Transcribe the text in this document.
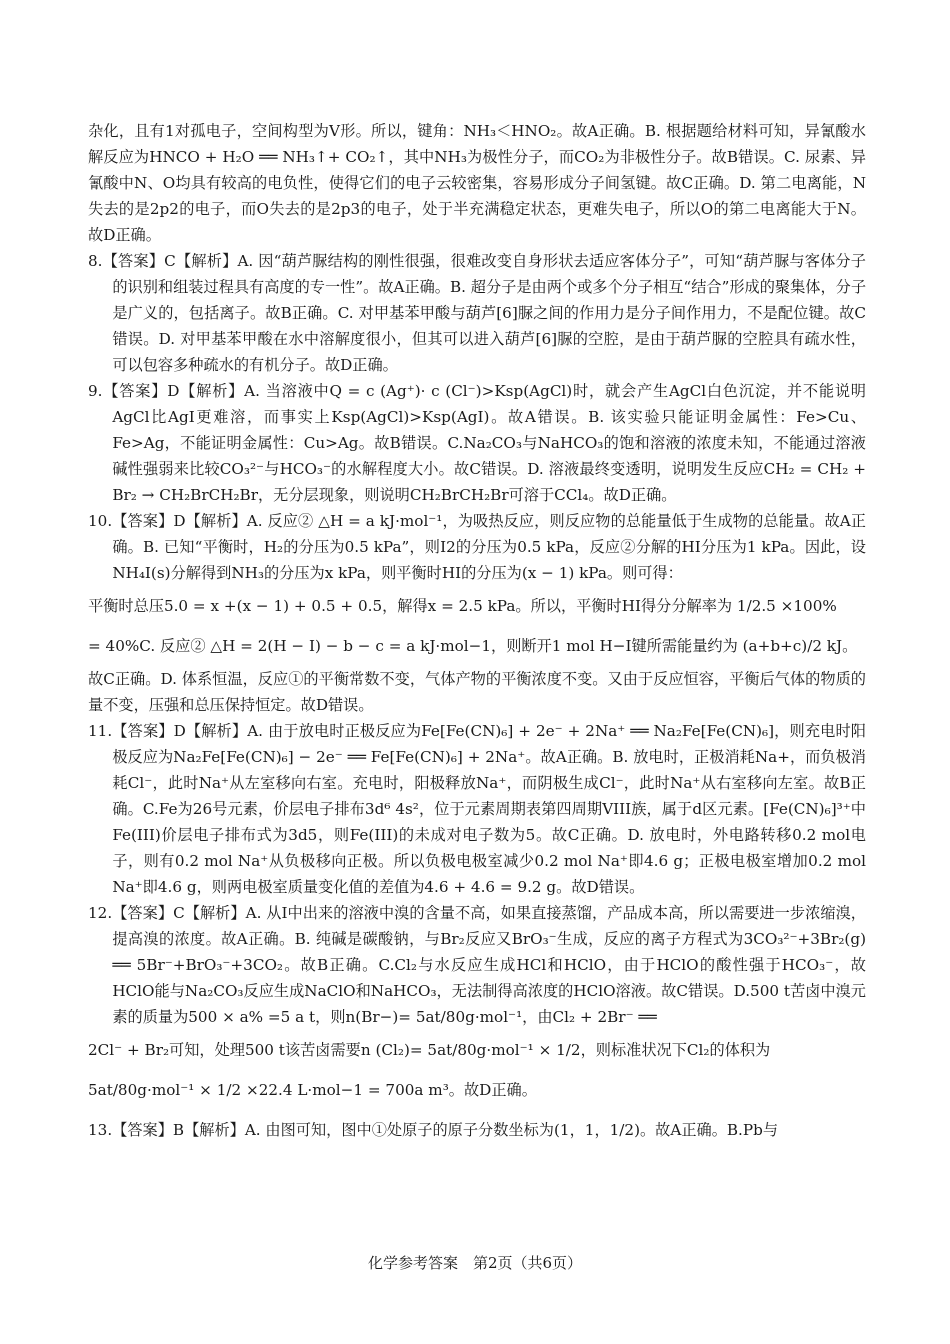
杂化，且有1对孤电子，空间构型为V形。所以，键角：NH₃＜HNO₂。故A正确。B. 根据题给材料可知，异氰酸水解反应为HNCO + H₂O ══ NH₃↑+ CO₂↑，其中NH₃为极性分子，而CO₂为非极性分子。故B错误。C. 尿素、异氰酸中N、O均具有较高的电负性，使得它们的电子云较密集，容易形成分子间氢键。故C正确。D. 第二电离能，N失去的是2p2的电子，而O失去的是2p3的电子，处于半充满稳定状态，更难失电子，所以O的第二电离能大于N。故D正确。

8.【答案】C【解析】A. 因“葫芦脲结构的刚性很强，很难改变自身形状去适应客体分子”，可知“葫芦脲与客体分子的识别和组装过程具有高度的专一性”。故A正确。B. 超分子是由两个或多个分子相互“结合”形成的聚集体，分子是广义的，包括离子。故B正确。C. 对甲基苯甲酸与葫芦[6]脲之间的作用力是分子间作用力，不是配位键。故C错误。D. 对甲基苯甲酸在水中溶解度很小，但其可以进入葫芦[6]脲的空腔，是由于葫芦脲的空腔具有疏水性，可以包容多种疏水的有机分子。故D正确。

9.【答案】D【解析】A. 当溶液中Q = c (Ag⁺)· c (Cl⁻)>Ksp(AgCl)时，就会产生AgCl白色沉淀，并不能说明AgCl比AgI更难溶，而事实上Ksp(AgCl)>Ksp(AgI)。故A错误。B. 该实验只能证明金属性：Fe>Cu、Fe>Ag，不能证明金属性：Cu>Ag。故B错误。C.Na₂CO₃与NaHCO₃的饱和溶液的浓度未知，不能通过溶液碱性强弱来比较CO₃²⁻与HCO₃⁻的水解程度大小。故C错误。D. 溶液最终变透明，说明发生反应CH₂ = CH₂ + Br₂ → CH₂BrCH₂Br，无分层现象，则说明CH₂BrCH₂Br可溶于CCl₄。故D正确。

10.【答案】D【解析】A. 反应② △H = a kJ·mol⁻¹，为吸热反应，则反应物的总能量低于生成物的总能量。故A正确。B. 已知“平衡时，H₂的分压为0.5 kPa”，则I2的分压为0.5 kPa，反应②分解的HI分压为1 kPa。因此，设NH₄I(s)分解得到NH₃的分压为x kPa，则平衡时HI的分压为(x − 1) kPa。则可得：

平衡时总压5.0 = x +(x − 1) + 0.5 + 0.5，解得x = 2.5 kPa。所以，平衡时HI得分分解率为 1/2.5 ×100%

= 40%C. 反应② △H = 2(H − I) − b − c = a kJ·mol−1，则断开1 mol H−I键所需能量约为 (a+b+c)/2 kJ。

故C正确。D. 体系恒温，反应①的平衡常数不变，气体产物的平衡浓度不变。又由于反应恒容，平衡后气体的物质的量不变，压强和总压保持恒定。故D错误。

11.【答案】D【解析】A. 由于放电时正极反应为Fe[Fe(CN)₆] + 2e⁻ + 2Na⁺ ══ Na₂Fe[Fe(CN)₆]，则充电时阳极反应为Na₂Fe[Fe(CN)₆] − 2e⁻ ══ Fe[Fe(CN)₆] + 2Na⁺。故A正确。B. 放电时，正极消耗Na+，而负极消耗Cl⁻，此时Na⁺从左室移向右室。充电时，阳极释放Na⁺，而阴极生成Cl⁻，此时Na⁺从右室移向左室。故B正确。C.Fe为26号元素，价层电子排布3d⁶ 4s²，位于元素周期表第四周期VIII族，属于d区元素。[Fe(CN)₆]³⁺中Fe(III)价层电子排布式为3d5，则Fe(III)的未成对电子数为5。故C正确。D. 放电时，外电路转移0.2 mol电子，则有0.2 mol Na⁺从负极移向正极。所以负极电极室减少0.2 mol Na⁺即4.6 g；正极电极室增加0.2 mol Na⁺即4.6 g，则两电极室质量变化值的差值为4.6 + 4.6 = 9.2 g。故D错误。

12.【答案】C【解析】A. 从I中出来的溶液中溴的含量不高，如果直接蒸馏，产品成本高，所以需要进一步浓缩溴，提高溴的浓度。故A正确。B. 纯碱是碳酸钠，与Br₂反应又BrO₃⁻生成，反应的离子方程式为3CO₃²⁻+3Br₂(g) ══ 5Br⁻+BrO₃⁻+3CO₂。故B正确。C.Cl₂与水反应生成HCl和HClO，由于HClO的酸性强于HCO₃⁻，故HClO能与Na₂CO₃反应生成NaClO和NaHCO₃，无法制得高浓度的HClO溶液。故C错误。D.500 t苦卤中溴元素的质量为500 × a% =5 a t，则n(Br−)= 5at/80g·mol⁻¹，由Cl₂ + 2Br⁻ ══

2Cl⁻ + Br₂可知，处理500 t该苦卤需要n (Cl₂)= 5at/80g·mol⁻¹ × 1/2，则标准状况下Cl₂的体积为

5at/80g·mol⁻¹ × 1/2 ×22.4 L·mol−1 = 700a m³。故D正确。

13.【答案】B【解析】A. 由图可知，图中①处原子的原子分数坐标为(1，1，1/2)。故A正确。B.Pb与

化学参考答案　第2页（共6页）
